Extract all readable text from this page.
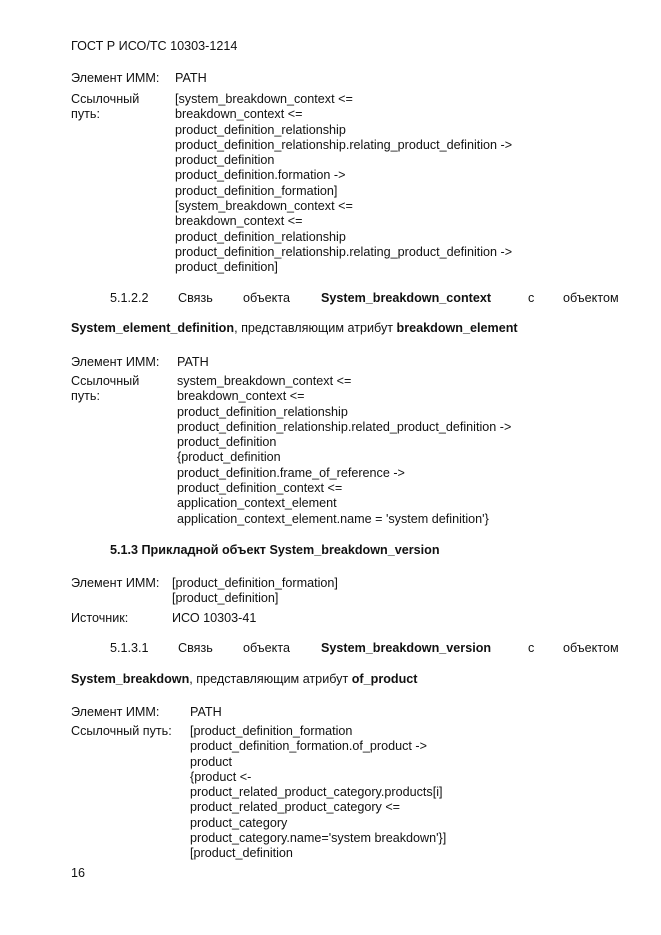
ГОСТ Р ИСО/ТС 10303-1214
Элемент ИММ: PATH
Ссылочный
путь:
[system_breakdown_context <=
breakdown_context <=
product_definition_relationship
product_definition_relationship.relating_product_definition ->
product_definition
product_definition.formation ->
product_definition_formation]
[system_breakdown_context <=
breakdown_context <=
product_definition_relationship
product_definition_relationship.relating_product_definition ->
product_definition]
5.1.2.2 Связь объекта System_breakdown_context	с объектом
System_element_definition, представляющим атрибут breakdown_element
Элемент ИММ: PATH
Ссылочный
путь:
system_breakdown_context <=
breakdown_context <=
product_definition_relationship
product_definition_relationship.related_product_definition ->
product_definition
{product_definition
product_definition.frame_of_reference ->
product_definition_context <=
application_context_element
application_context_element.name = 'system definition'}
5.1.3 Прикладной объект System_breakdown_version
Элемент ИММ: [product_definition_formation]
[product_definition]
Источник:	ИСО 10303-41
5.1.3.1 Связь объекта System_breakdown_version	с объектом
System_breakdown, представляющим атрибут of_product
Элемент ИММ: PATH
Ссылочный путь: [product_definition_formation
product_definition_formation.of_product ->
product
{product <-
product_related_product_category.products[i]
product_related_product_category <=
product_category
product_category.name='system breakdown'}]
[product_definition
16
